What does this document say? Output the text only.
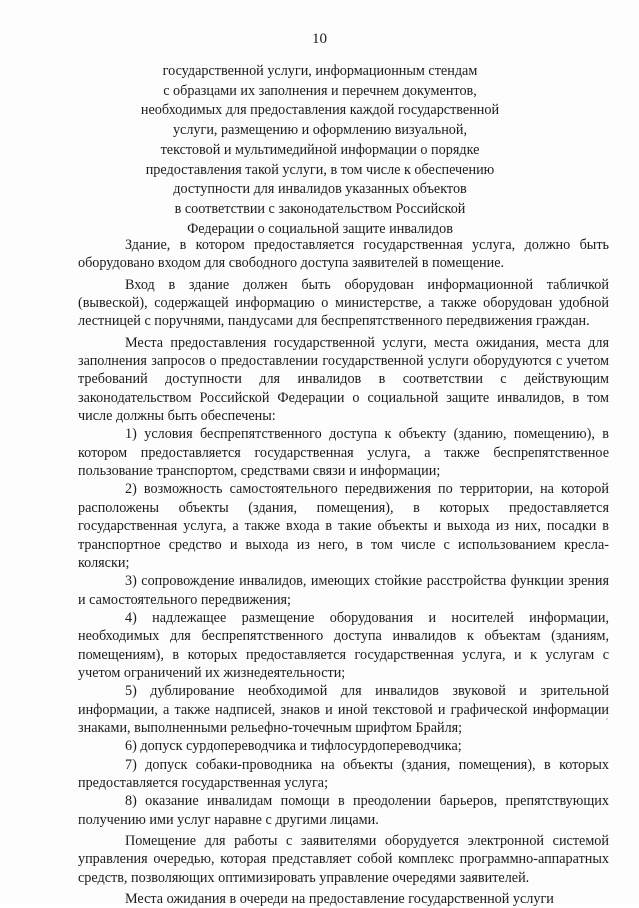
10
государственной услуги, информационным стендам
с образцами их заполнения и перечнем документов,
необходимых для предоставления каждой государственной
услуги, размещению и оформлению визуальной,
текстовой и мультимедийной информации о порядке
предоставления такой услуги, в том числе к обеспечению
доступности для инвалидов указанных объектов
в соответствии с законодательством Российской
Федерации о социальной защите инвалидов

Здание, в котором предоставляется государственная услуга, должно быть оборудовано входом для свободного доступа заявителей в помещение.

Вход в здание должен быть оборудован информационной табличкой (вывеской), содержащей информацию о министерстве, а также оборудован удобной лестницей с поручнями, пандусами для беспрепятственного передвижения граждан.

Места предоставления государственной услуги, места ожидания, места для заполнения запросов о предоставлении государственной услуги оборудуются с учетом требований доступности для инвалидов в соответствии с действующим законодательством Российской Федерации о социальной защите инвалидов, в том числе должны быть обеспечены:

1) условия беспрепятственного доступа к объекту (зданию, помещению), в котором предоставляется государственная услуга, а также беспрепятственное пользование транспортом, средствами связи и информации;

2) возможность самостоятельного передвижения по территории, на которой расположены объекты (здания, помещения), в которых предоставляется государственная услуга, а также входа в такие объекты и выхода из них, посадки в транспортное средство и выхода из него, в том числе с использованием кресла-коляски;

3) сопровождение инвалидов, имеющих стойкие расстройства функции зрения и самостоятельного передвижения;

4) надлежащее размещение оборудования и носителей информации, необходимых для беспрепятственного доступа инвалидов к объектам (зданиям, помещениям), в которых предоставляется государственная услуга, и к услугам с учетом ограничений их жизнедеятельности;

5) дублирование необходимой для инвалидов звуковой и зрительной информации, а также надписей, знаков и иной текстовой и графической информации знаками, выполненными рельефно-точечным шрифтом Брайля;

6) допуск сурдопереводчика и тифлосурдопереводчика;

7) допуск собаки-проводника на объекты (здания, помещения), в которых предоставляется государственная услуга;

8) оказание инвалидам помощи в преодолении барьеров, препятствующих получению ими услуг наравне с другими лицами.

Помещение для работы с заявителями оборудуется электронной системой управления очередью, которая представляет собой комплекс программно-аппаратных средств, позволяющих оптимизировать управление очередями заявителей.

Места ожидания в очереди на предоставление государственной услуги
